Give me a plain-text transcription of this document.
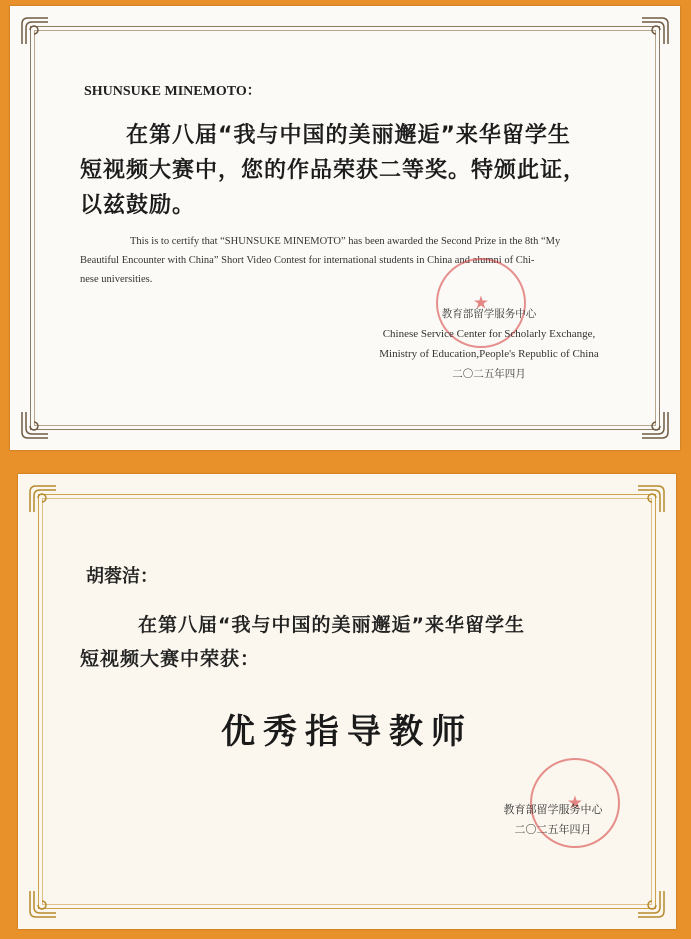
SHUNSUKE MINEMOTO：
在第八届“我与中国的美丽邂逅”来华留学生
短视频大赛中，您的作品荣获二等奖。特颁此证，
以兹鼓励。
This is to certify that “SHUNSUKE MINEMOTO” has been awarded the Second Prize in the 8th “My
Beautiful Encounter with China” Short Video Contest for international students in China and alumni of Chi-
nese universities.
★
教育部留学服务中心
Chinese Service Center for Scholarly Exchange,
Ministry of Education,People's Republic of China
二〇二五年四月
胡蓉洁：
在第八届“我与中国的美丽邂逅”来华留学生
短视频大赛中荣获：
优秀指导教师
★
教育部留学服务中心
二〇二五年四月
